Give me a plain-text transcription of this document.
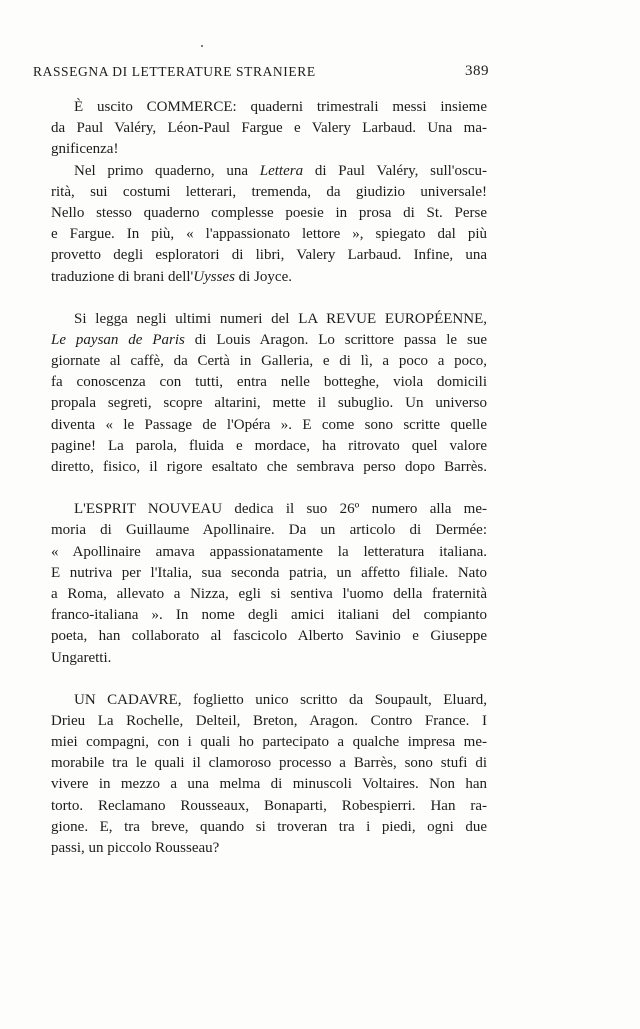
RASSEGNA DI LETTERATURE STRANIERE	389
È uscito COMMERCE: quaderni trimestrali messi insieme
da Paul Valéry, Léon-Paul Fargue e Valery Larbaud. Una ma-
gnificenza!
Nel primo quaderno, una Lettera di Paul Valéry, sull'oscu-
rità, sui costumi letterari, tremenda, da giudizio universale!
Nello stesso quaderno complesse poesie in prosa di St. Perse
e Fargue. In più, « l'appassionato lettore », spiegato dal più
provetto degli esploratori di libri, Valery Larbaud. Infine, una
traduzione di brani dell'Uysses di Joyce.
Si legga negli ultimi numeri del LA REVUE EUROPÉENNE,
Le paysan de Paris di Louis Aragon. Lo scrittore passa le sue
giornate al caffè, da Certà in Galleria, e di lì, a poco a poco,
fa conoscenza con tutti, entra nelle botteghe, viola domicili
propala segreti, scopre altarini, mette il subuglio. Un universo
diventa « le Passage de l'Opéra ». E come sono scritte quelle
pagine! La parola, fluida e mordace, ha ritrovato quel valore
diretto, fisico, il rigore esaltato che sembrava perso dopo Barrès.
L'ESPRIT NOUVEAU dedica il suo 26º numero alla me-
moria di Guillaume Apollinaire. Da un articolo di Dermée:
« Apollinaire amava appassionatamente la letteratura italiana.
E nutriva per l'Italia, sua seconda patria, un affetto filiale. Nato
a Roma, allevato a Nizza, egli si sentiva l'uomo della fraternità
franco-italiana ». In nome degli amici italiani del compianto
poeta, han collaborato al fascicolo Alberto Savinio e Giuseppe
Ungaretti.
UN CADAVRE, foglietto unico scritto da Soupault, Eluard,
Drieu La Rochelle, Delteil, Breton, Aragon. Contro France. I
miei compagni, con i quali ho partecipato a qualche impresa me-
morabile tra le quali il clamoroso processo a Barrès, sono stufi di
vivere in mezzo a una melma di minuscoli Voltaires. Non han
torto. Reclamano Rousseaux, Bonaparti, Robespierri. Han ra-
gione. E, tra breve, quando si troveran tra i piedi, ogni due
passi, un piccolo Rousseau?
